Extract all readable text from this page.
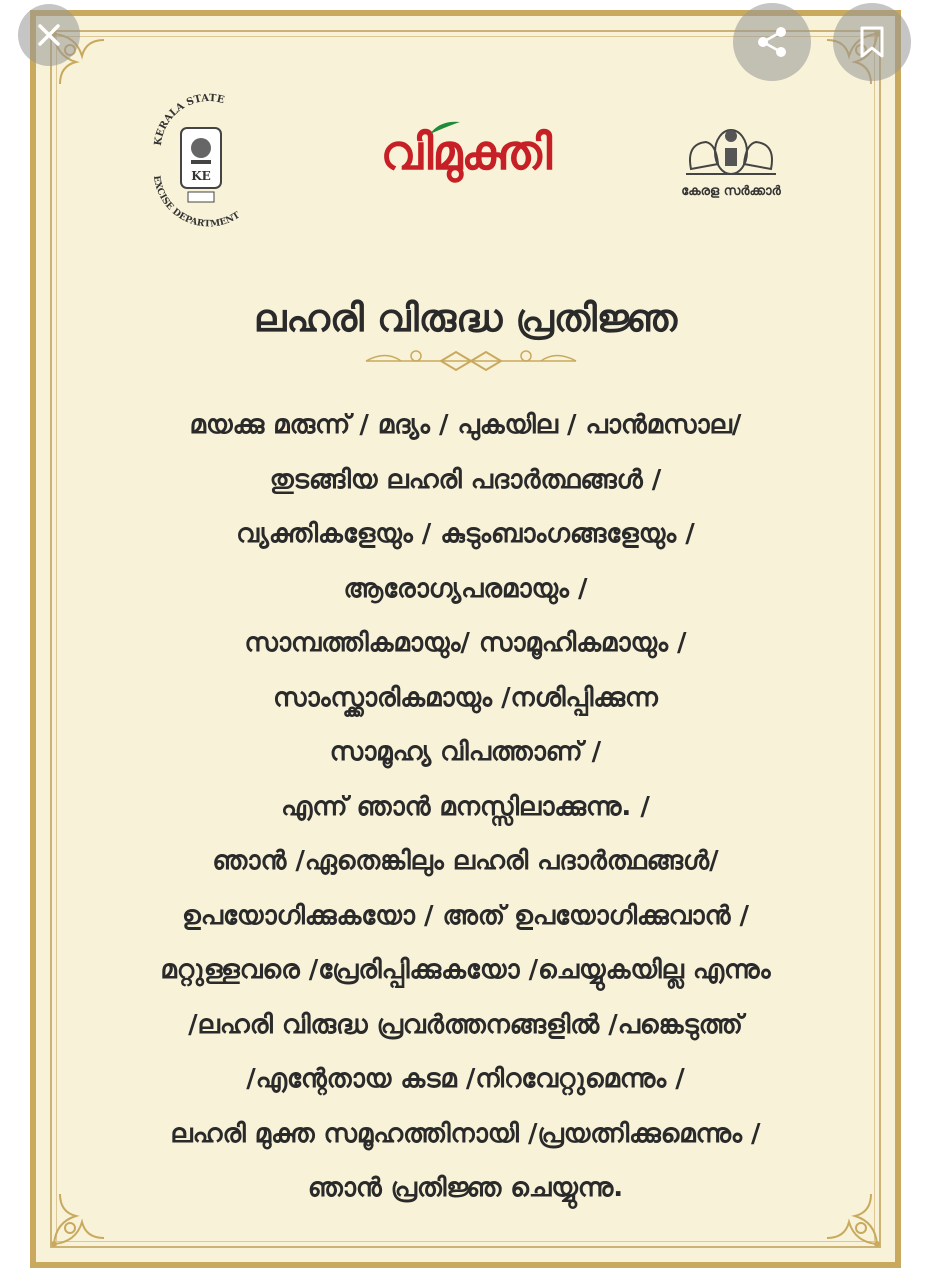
KERALA STATE
EXCISE DEPARTMENT
KE	വിമുക്തി
കേരള സർക്കാർ
ലഹരി വിരുദ്ധ പ്രതിജ്ഞ
മയക്കു മരുന്ന് / മദ്യം / പുകയില / പാൻമസാല/
തുടങ്ങിയ ലഹരി പദാർത്ഥങ്ങൾ /
വ്യക്തികളേയും / കുടുംബാംഗങ്ങളേയും /
ആരോഗ്യപരമായും /
സാമ്പത്തികമായും/ സാമൂഹികമായും /
സാംസ്ക്കാരികമായും /നശിപ്പിക്കുന്ന
സാമൂഹ്യ വിപത്താണ് /
എന്ന് ഞാൻ മനസ്സിലാക്കുന്നു. /
ഞാൻ /ഏതെങ്കിലും ലഹരി പദാർത്ഥങ്ങൾ/
ഉപയോഗിക്കുകയോ / അത് ഉപയോഗിക്കുവാൻ /
മറ്റുള്ളവരെ /പ്രേരിപ്പിക്കുകയോ /ചെയ്യുകയില്ല എന്നും
/ലഹരി വിരുദ്ധ പ്രവർത്തനങ്ങളിൽ /പങ്കെടുത്ത്
/എന്റേതായ കടമ /നിറവേറ്റുമെന്നും /
ലഹരി മുക്ത സമൂഹത്തിനായി /പ്രയത്നിക്കുമെന്നും /
ഞാൻ പ്രതിജ്ഞ ചെയ്യുന്നു.
